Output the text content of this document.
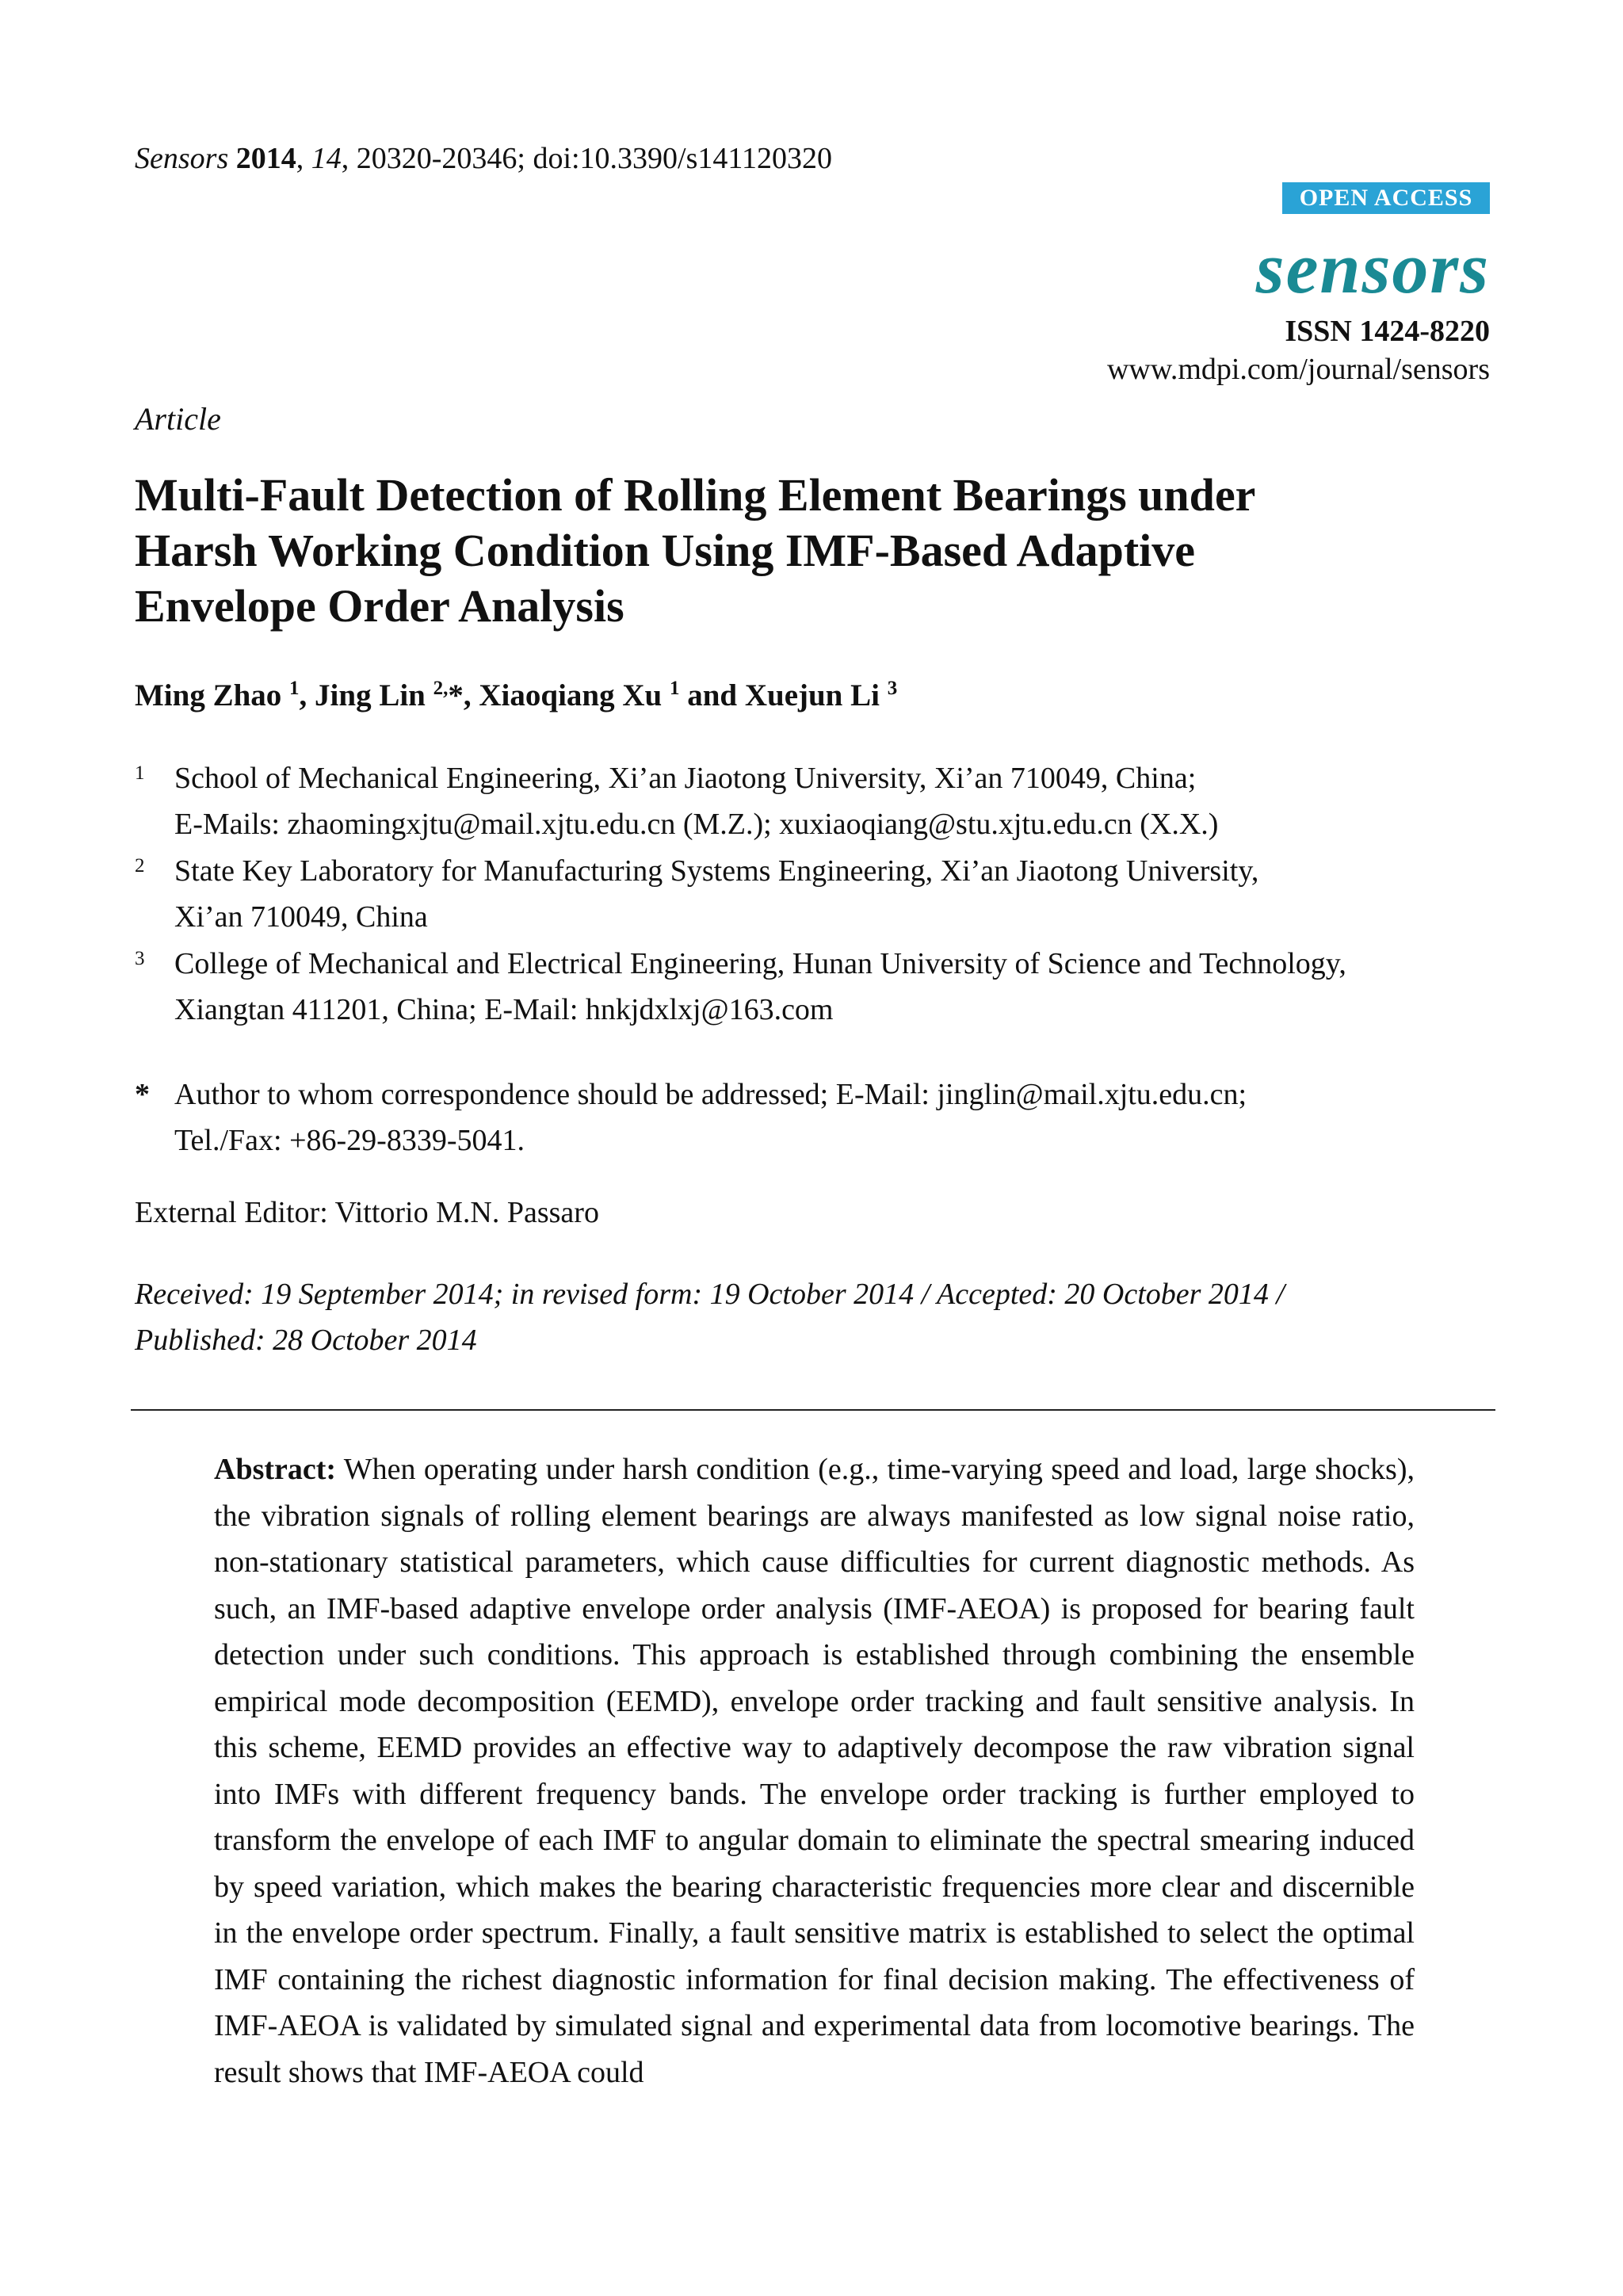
Sensors 2014, 14, 20320-20346; doi:10.3390/s141120320
OPEN ACCESS
sensors
ISSN 1424-8220
www.mdpi.com/journal/sensors
Article
Multi-Fault Detection of Rolling Element Bearings under
Harsh Working Condition Using IMF-Based Adaptive
Envelope Order Analysis
Ming Zhao $^1$, Jing Lin $^{2,}$*, Xiaoqiang Xu $^1$ and Xuejun Li $^3$
1 School of Mechanical Engineering, Xi’an Jiaotong University, Xi’an 710049, China;
E-Mails: zhaomingxjtu@mail.xjtu.edu.cn (M.Z.); xuxiaoqiang@stu.xjtu.edu.cn (X.X.)
2 State Key Laboratory for Manufacturing Systems Engineering, Xi’an Jiaotong University,
Xi’an 710049, China
3 College of Mechanical and Electrical Engineering, Hunan University of Science and Technology,
Xiangtan 411201, China; E-Mail: hnkjdxlxj@163.com
* Author to whom correspondence should be addressed; E-Mail: jinglin@mail.xjtu.edu.cn;
Tel./Fax: +86-29-8339-5041.
External Editor: Vittorio M.N. Passaro
Received: 19 September 2014; in revised form: 19 October 2014 / Accepted: 20 October 2014 /
Published: 28 October 2014
Abstract: When operating under harsh condition (e.g., time-varying speed and load, large shocks), the vibration signals of rolling element bearings are always manifested as low signal noise ratio, non-stationary statistical parameters, which cause difficulties for current diagnostic methods. As such, an IMF-based adaptive envelope order analysis (IMF-AEOA) is proposed for bearing fault detection under such conditions. This approach is established through combining the ensemble empirical mode decomposition (EEMD), envelope order tracking and fault sensitive analysis. In this scheme, EEMD provides an effective way to adaptively decompose the raw vibration signal into IMFs with different frequency bands. The envelope order tracking is further employed to transform the envelope of each IMF to angular domain to eliminate the spectral smearing induced by speed variation, which makes the bearing characteristic frequencies more clear and discernible in the envelope order spectrum. Finally, a fault sensitive matrix is established to select the optimal IMF containing the richest diagnostic information for final decision making. The effectiveness of IMF-AEOA is validated by simulated signal and experimental data from locomotive bearings. The result shows that IMF-AEOA could
